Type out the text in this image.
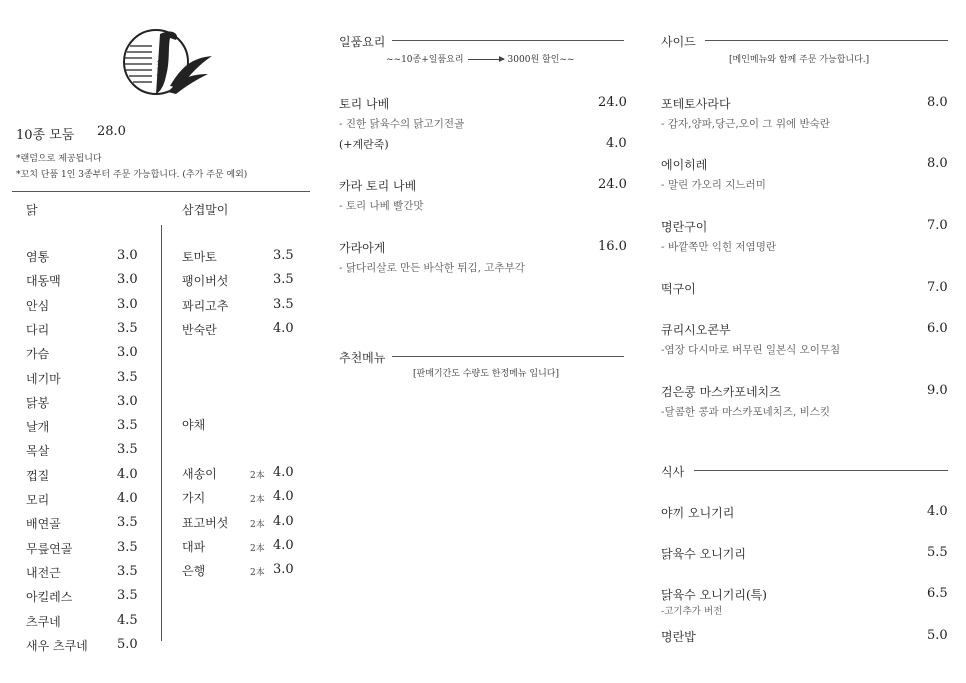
名声
10종 모둠 28.0
*랜덤으로 제공됩니다
*꼬치 단품 1인 3종부터 주문 가능합니다. (추가 주문 예외)
닭	삼겹말이
염통	3.0
대동맥	3.0
안심	3.0
다리	3.5
가슴	3.0
네기마	3.5
닭봉	3.0
날개	3.5
목살	3.5
껍질	4.0
모리	4.0
배연골	3.5
무릎연골	3.5
내전근	3.5
아킬레스	3.5
츠쿠네	4.5
새우 츠쿠네 5.0
토마토	3.5
팽이버섯	3.5
꽈리고추	3.5
반숙란	4.0
야채
새송이	2本 4.0
가지	2本 4.0
표고버섯 2本 4.0
대파	2本 4.0
은행	2本 3.0
일품요리
~~10종+일품요리	3000원 할인~~
토리 나베	24.0
- 진한 닭육수의 닭고기전골
(+계란죽)	4.0
카라 토리 나베	24.0
- 토리 나베 빨간맛
가라아게	16.0
- 닭다리살로 만든 바삭한 튀김, 고추부각
추천메뉴
[판매기간도 수량도 한정메뉴 입니다]
사이드
[메인메뉴와 함께 주문 가능합니다.]
포테토사라다	8.0
- 감자,양파,당근,오이 그 위에 반숙란
에이히레	8.0
- 말린 가오리 지느러미
명란구이	7.0
- 바깥쪽만 익힌 저염명란
떡구이	7.0
큐리시오콘부	6.0
-염장 다시마로 버무린 일본식 오이무침
검은콩 마스카포네치즈	9.0
-달콤한 콩과 마스카포네치즈, 비스킷
식사
야끼 오니기리	4.0
닭육수 오니기리	5.5
닭육수 오니기리(특)	6.5
-고기추가 버전
명란밥	5.0
